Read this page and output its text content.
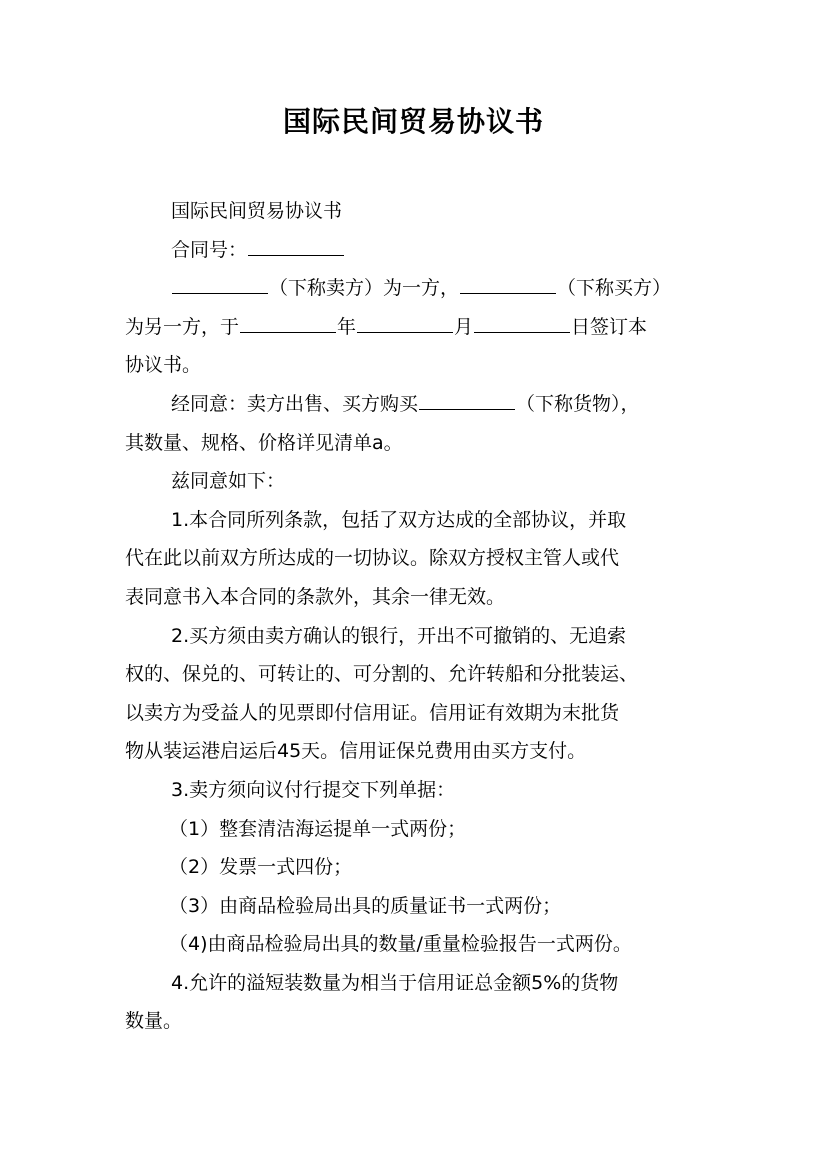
国际民间贸易协议书
国际民间贸易协议书
合同号：
（下称卖方）为一方，	（下称买方）
为另一方，于	年	月	日签订本
协议书。
经同意：卖方出售、买方购买	（下称货物），
其数量、规格、价格详见清单a。
兹同意如下：
1.本合同所列条款，包括了双方达成的全部协议，并取
代在此以前双方所达成的一切协议。除双方授权主管人或代
表同意书入本合同的条款外，其余一律无效。
2.买方须由卖方确认的银行，开出不可撤销的、无追索
权的、保兑的、可转让的、可分割的、允许转船和分批装运、
以卖方为受益人的见票即付信用证。信用证有效期为末批货
物从装运港启运后45天。信用证保兑费用由买方支付。
3.卖方须向议付行提交下列单据：
（1）整套清洁海运提单一式两份；
（2）发票一式四份；
（3）由商品检验局出具的质量证书一式两份；
（4)由商品检验局出具的数量/重量检验报告一式两份。
4.允许的溢短装数量为相当于信用证总金额5%的货物
数量。
